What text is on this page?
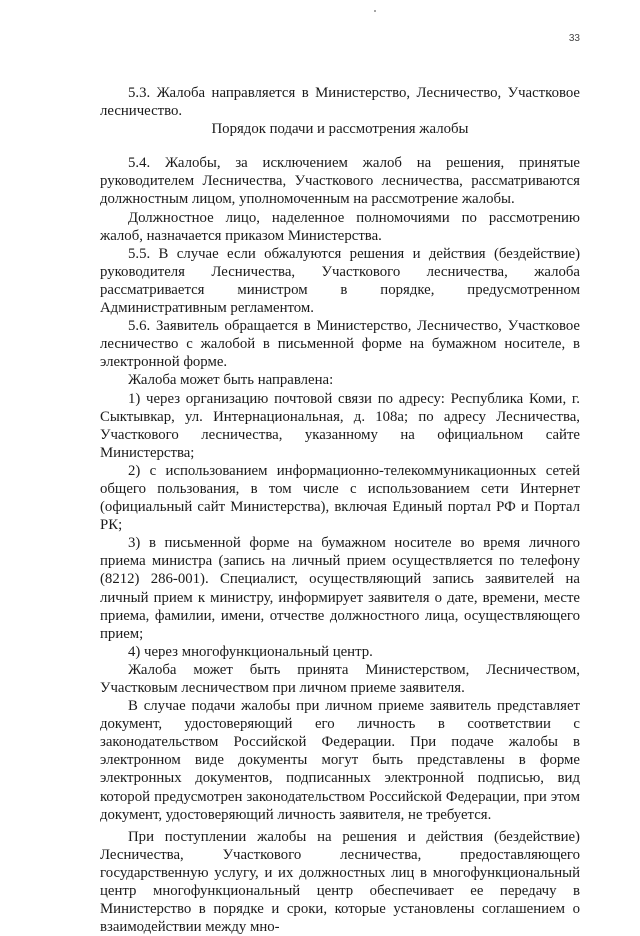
33

5.3. Жалоба направляется в Министерство, Лесничество, Участковое лесничество.

Порядок подачи и рассмотрения жалобы

5.4. Жалобы, за исключением жалоб на решения, принятые руководителем Лесничества, Участкового лесничества, рассматриваются должностным лицом, уполномоченным на рассмотрение жалобы.

Должностное лицо, наделенное полномочиями по рассмотрению жалоб, назначается приказом Министерства.

5.5. В случае если обжалуются решения и действия (бездействие) руководителя Лесничества, Участкового лесничества, жалоба рассматривается министром в порядке, предусмотренном Административным регламентом.

5.6. Заявитель обращается в Министерство, Лесничество, Участковое лесничество с жалобой в письменной форме на бумажном носителе, в электронной форме.

Жалоба может быть направлена:

1) через организацию почтовой связи по адресу: Республика Коми, г. Сыктывкар, ул. Интернациональная, д. 108а; по адресу Лесничества, Участкового лесничества, указанному на официальном сайте Министерства;

2) с использованием информационно-телекоммуникационных сетей общего пользования, в том числе с использованием сети Интернет (официальный сайт Министерства), включая Единый портал РФ и Портал РК;

3) в письменной форме на бумажном носителе во время личного приема министра (запись на личный прием осуществляется по телефону (8212) 286-001). Специалист, осуществляющий запись заявителей на личный прием к министру, информирует заявителя о дате, времени, месте приема, фамилии, имени, отчестве должностного лица, осуществляющего прием;

4) через многофункциональный центр.

Жалоба может быть принята Министерством, Лесничеством, Участковым лесничеством при личном приеме заявителя.

В случае подачи жалобы при личном приеме заявитель представляет документ, удостоверяющий его личность в соответствии с законодательством Российской Федерации. При подаче жалобы в электронном виде документы могут быть представлены в форме электронных документов, подписанных электронной подписью, вид которой предусмотрен законодательством Российской Федерации, при этом документ, удостоверяющий личность заявителя, не требуется.

При поступлении жалобы на решения и действия (бездействие) Лесничества, Участкового лесничества, предоставляющего государственную услугу, и их должностных лиц в многофункциональный центр многофункциональный центр обеспечивает ее передачу в Министерство в порядке и сроки, которые установлены соглашением о взаимодействии между мно-
